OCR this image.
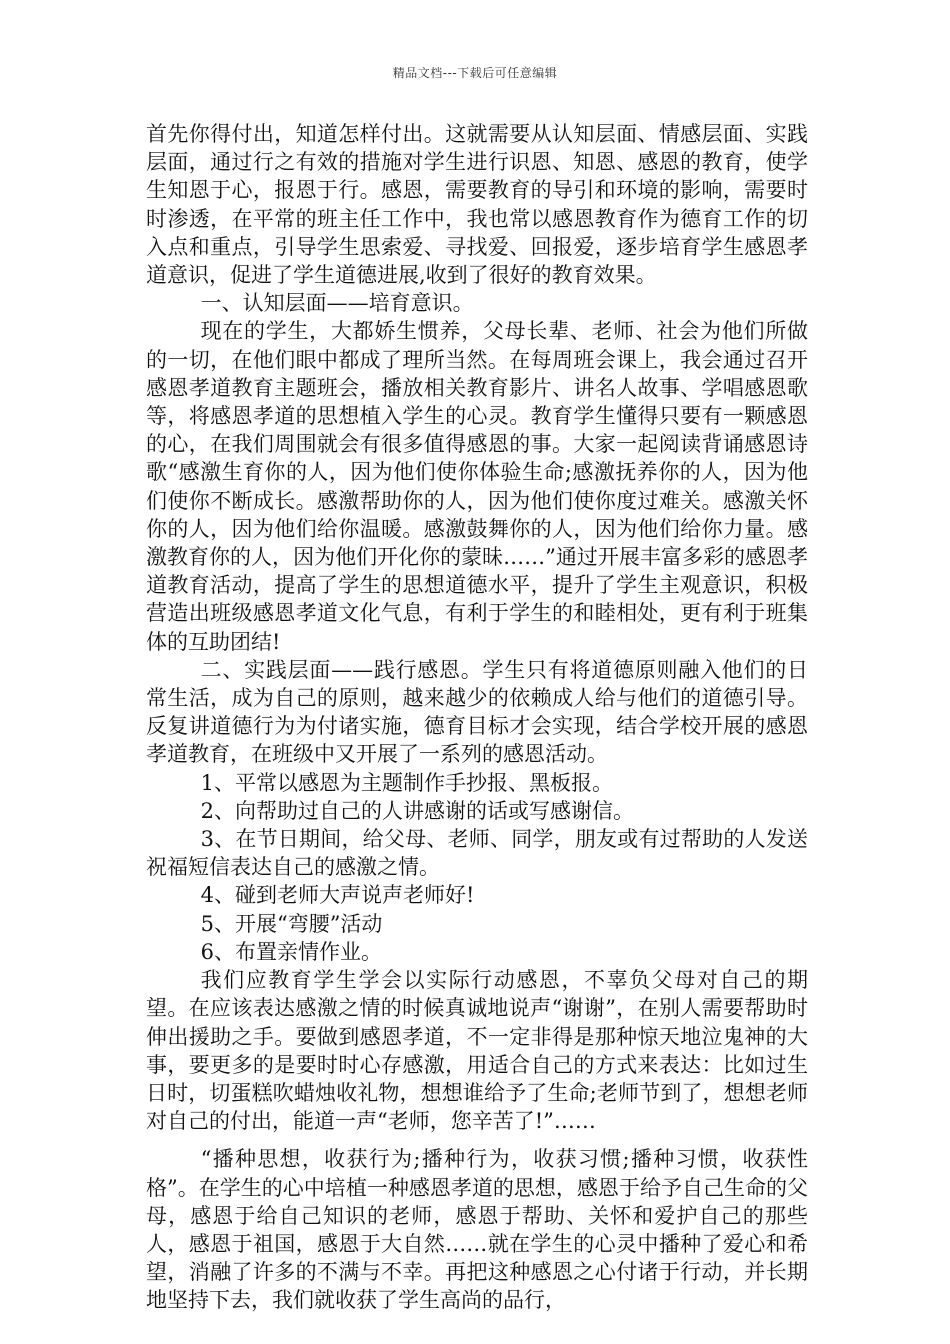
精品文档---下载后可任意编辑

首先你得付出，知道怎样付出。这就需要从认知层面、情感层面、实践层面，通过行之有效的措施对学生进行识恩、知恩、感恩的教育，使学生知恩于心，报恩于行。感恩，需要教育的导引和环境的影响，需要时时渗透，在平常的班主任工作中，我也常以感恩教育作为德育工作的切入点和重点，引导学生思索爱、寻找爱、回报爱，逐步培育学生感恩孝道意识，促进了学生道德进展,收到了很好的教育效果。

一、认知层面——培育意识。

现在的学生，大都娇生惯养，父母长辈、老师、社会为他们所做的一切，在他们眼中都成了理所当然。在每周班会课上，我会通过召开感恩孝道教育主题班会，播放相关教育影片、讲名人故事、学唱感恩歌等，将感恩孝道的思想植入学生的心灵。教育学生懂得只要有一颗感恩的心，在我们周围就会有很多值得感恩的事。大家一起阅读背诵感恩诗歌“感激生育你的人，因为他们使你体验生命;感激抚养你的人，因为他们使你不断成长。感激帮助你的人，因为他们使你度过难关。感激关怀你的人，因为他们给你温暖。感激鼓舞你的人，因为他们给你力量。感激教育你的人，因为他们开化你的蒙昧……”通过开展丰富多彩的感恩孝道教育活动，提高了学生的思想道德水平，提升了学生主观意识，积极营造出班级感恩孝道文化气息，有利于学生的和睦相处，更有利于班集体的互助团结!

二、实践层面——践行感恩。学生只有将道德原则融入他们的日常生活，成为自己的原则，越来越少的依赖成人给与他们的道德引导。反复讲道德行为为付诸实施，德育目标才会实现，结合学校开展的感恩孝道教育，在班级中又开展了一系列的感恩活动。

1、平常以感恩为主题制作手抄报、黑板报。

2、向帮助过自己的人讲感谢的话或写感谢信。

3、在节日期间，给父母、老师、同学，朋友或有过帮助的人发送祝福短信表达自己的感激之情。

4、碰到老师大声说声老师好!

5、开展“弯腰”活动

6、布置亲情作业。

我们应教育学生学会以实际行动感恩，不辜负父母对自己的期望。在应该表达感激之情的时候真诚地说声“谢谢”，在别人需要帮助时伸出援助之手。要做到感恩孝道，不一定非得是那种惊天地泣鬼神的大事，要更多的是要时时心存感激，用适合自己的方式来表达：比如过生日时，切蛋糕吹蜡烛收礼物，想想谁给予了生命;老师节到了，想想老师对自己的付出，能道一声“老师，您辛苦了!”……

“播种思想，收获行为;播种行为，收获习惯;播种习惯，收获性格”。在学生的心中培植一种感恩孝道的思想，感恩于给予自己生命的父母，感恩于给自己知识的老师，感恩于帮助、关怀和爱护自己的那些人，感恩于祖国，感恩于大自然……就在学生的心灵中播种了爱心和希望，消融了许多的不满与不幸。再把这种感恩之心付诸于行动，并长期地坚持下去，我们就收获了学生高尚的品行，
